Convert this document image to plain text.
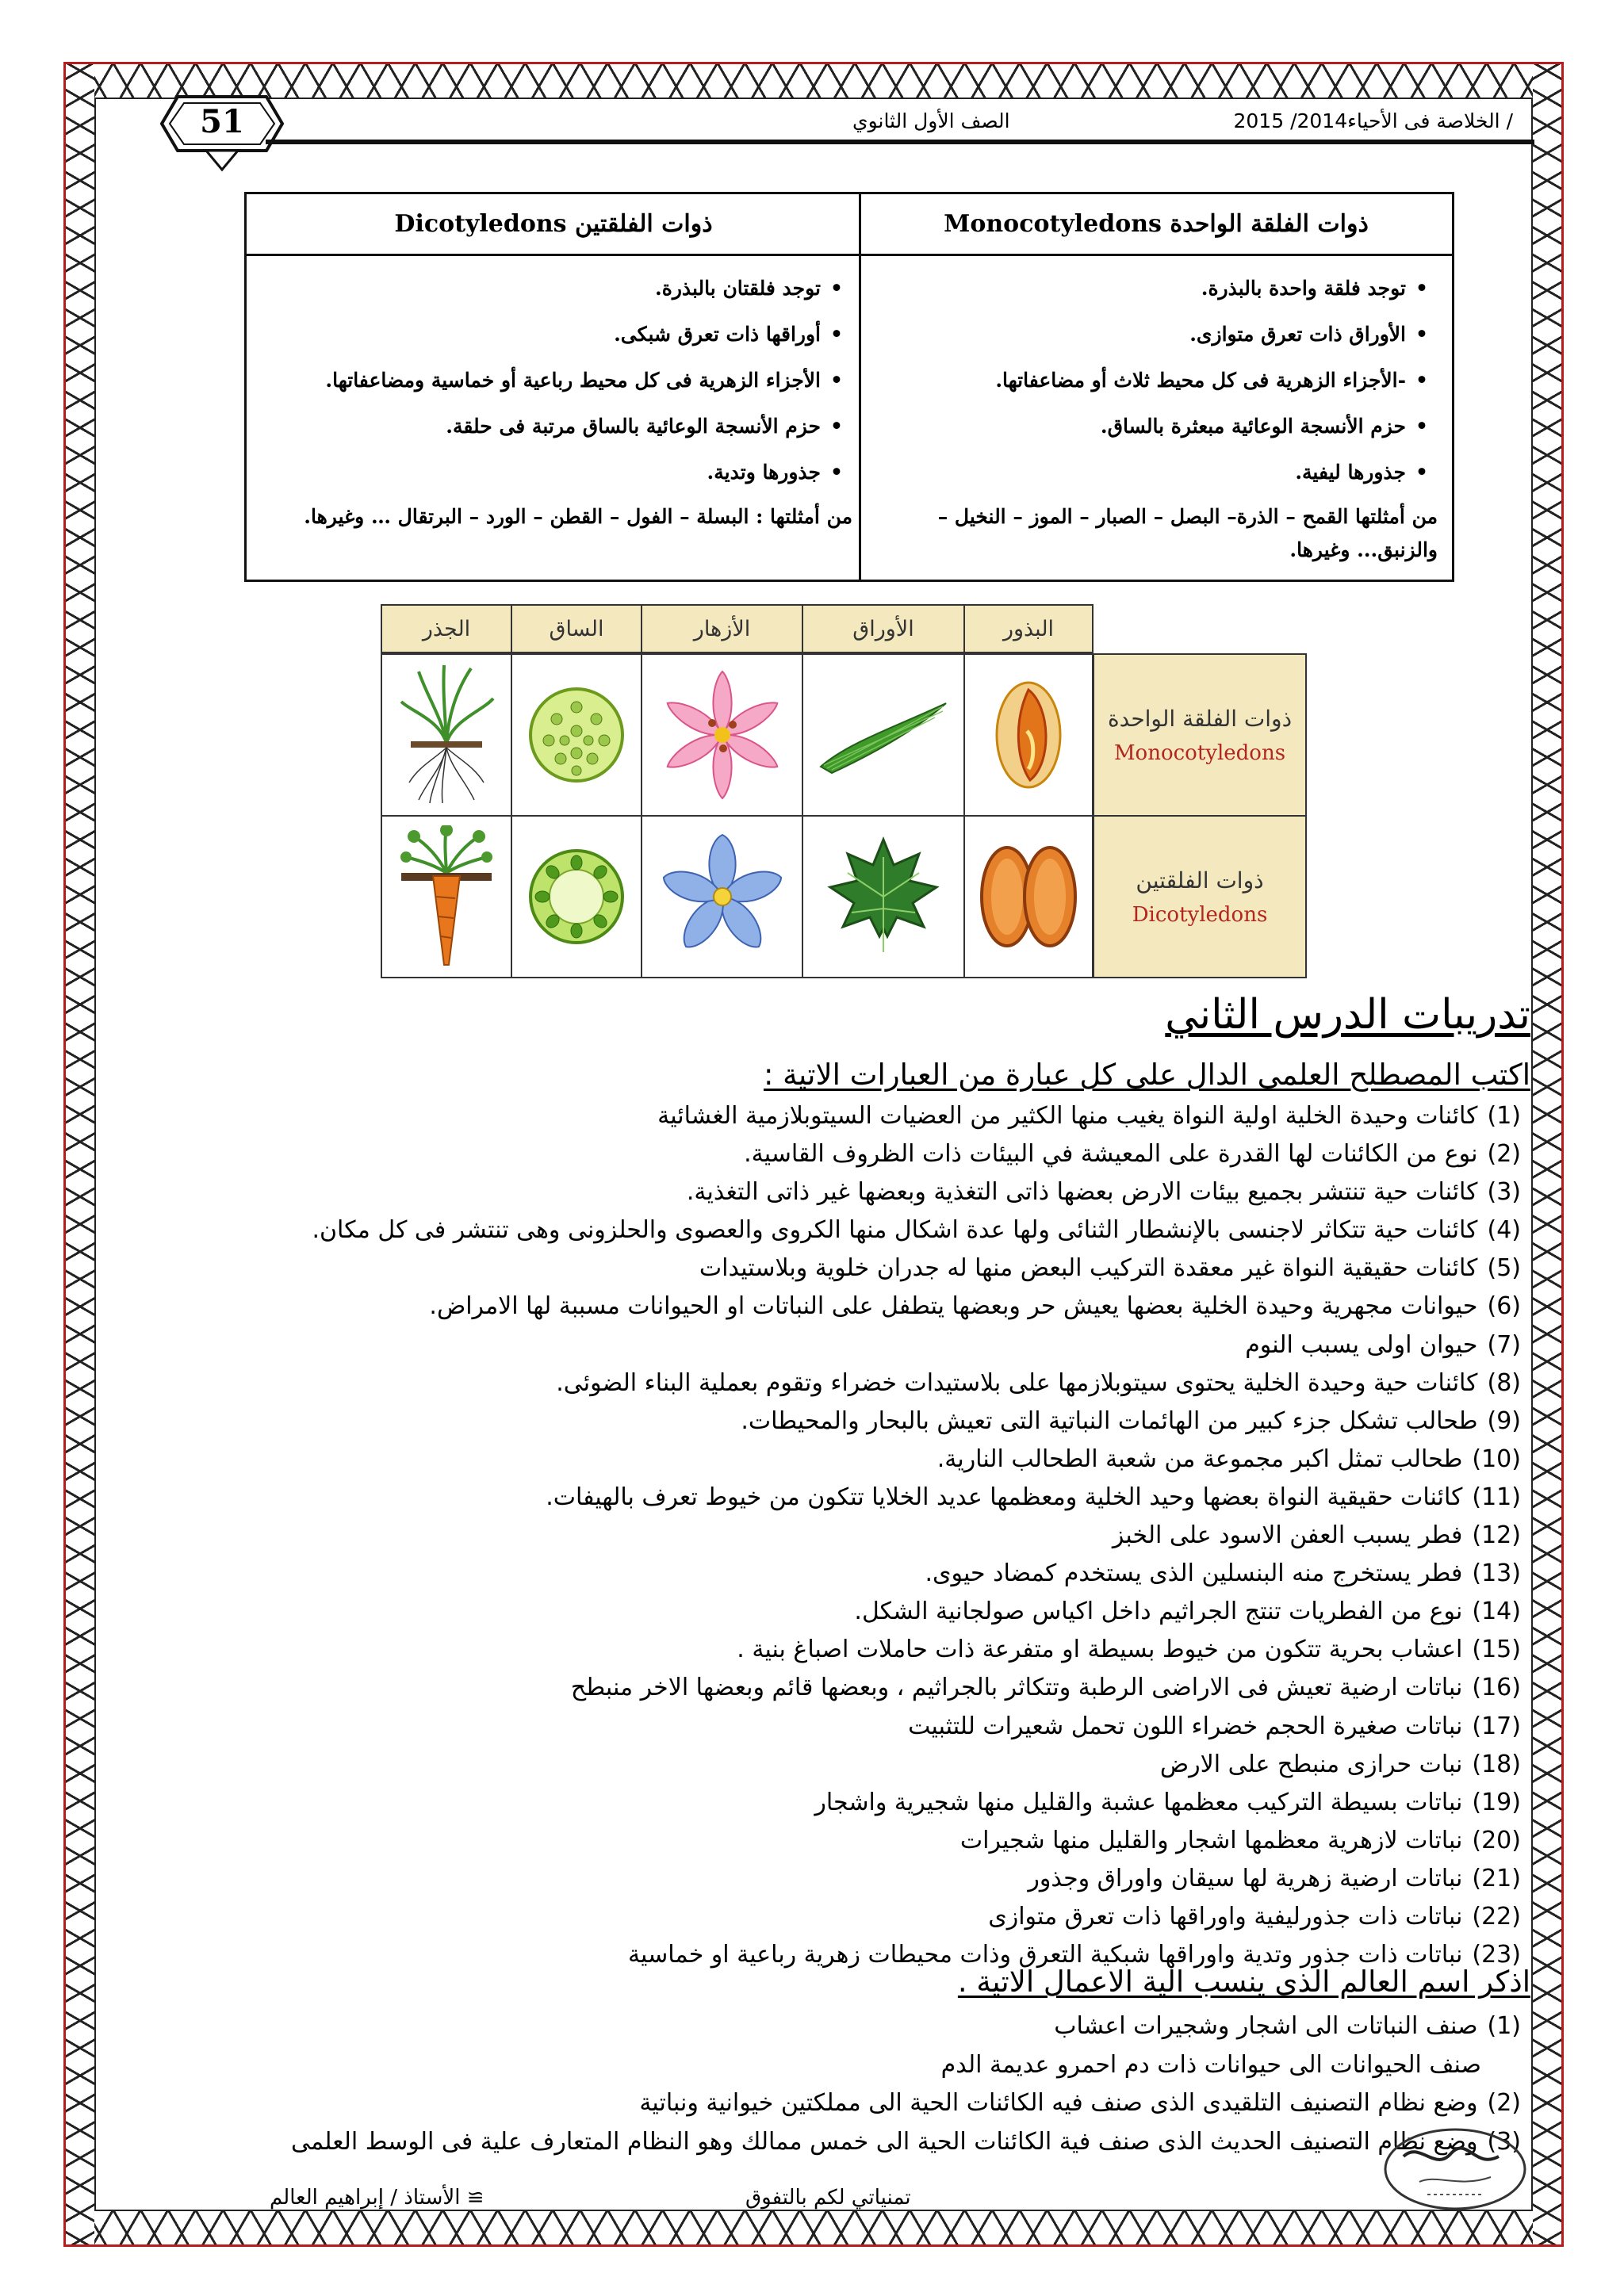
51	/ الخلاصة فى الأحياء2014/ 2015
الصف الأول الثانوي
ذوات الفلقة الواحدة Monocotyledons
ذوات الفلقتين Dicotyledons
• توجد فلقة واحدة بالبذرة.
• الأوراق ذات تعرق متوازى.
• -الأجزاء الزهرية فى كل محيط ثلاث أو مضاعفاتها.
• حزم الأنسجة الوعائية مبعثرة بالساق.
• جذورها ليفية.
من أمثلتها القمح – الذرة– البصل – الصبار – الموز – النخيل – والزنبق... وغيرها.
• توجد فلقتان بالبذرة.
• أوراقها ذات تعرق شبكى.
• الأجزاء الزهرية فى كل محيط رباعية أو خماسية ومضاعفاتها.
• حزم الأنسجة الوعائية بالساق مرتبة فى حلقة.
• جذورها وتدية.
من أمثلتها : البسلة – الفول – القطن – الورد – البرتقال … وغيرها.
البذور
الأوراق
الأزهار
الساق
الجذر
ذوات الفلقة الواحدة
Monocotyledons
ذوات الفلقتين
Dicotyledons
تدريبات الدرس الثاني
اكتب المصطلح العلمى الدال على كل عبارة من العبارات الاتية :
(1)كائنات وحيدة الخلية اولية النواة يغيب منها الكثير من العضيات السيتوبلازمية الغشائية
(2)نوع من الكائنات لها القدرة على المعيشة في البيئات ذات الظروف القاسية.
(3)كائنات حية تنتشر بجميع بيئات الارض بعضها ذاتى التغذية وبعضها غير ذاتى التغذية.
(4)كائنات حية تتكاثر لاجنسى بالإنشطار الثنائى ولها عدة اشكال منها الكروى والعصوى والحلزونى وهى تنتشر فى كل مكان.
(5)كائنات حقيقية النواة غير معقدة التركيب البعض منها له جدران خلوية وبلاستيدات
(6)حيوانات مجهرية وحيدة الخلية بعضها يعيش حر وبعضها يتطفل على النباتات او الحيوانات مسببة لها الامراض.
(7)حيوان اولى يسبب النوم
(8)كائنات حية وحيدة الخلية يحتوى سيتوبلازمها على بلاستيدات خضراء وتقوم بعملية البناء الضوئى.
(9)طحالب تشكل جزء كبير من الهائمات النباتية التى تعيش بالبحار والمحيطات.
(10)طحالب تمثل اكبر مجموعة من شعبة الطحالب النارية.
(11)كائنات حقيقية النواة بعضها وحيد الخلية ومعظمها عديد الخلايا تتكون من خيوط تعرف بالهيفات.
(12)فطر يسبب العفن الاسود على الخبز
(13)فطر يستخرج منه البنسلين الذى يستخدم كمضاد حيوى.
(14)نوع من الفطريات تنتج الجراثيم داخل اكياس صولجانية الشكل.
(15)اعشاب بحرية تتكون من خيوط بسيطة او متفرعة ذات حاملات اصباغ بنية .
(16)نباتات ارضية تعيش فى الاراضى الرطبة وتتكاثر بالجراثيم ، وبعضها قائم وبعضها الاخر منبطح
(17)نباتات صغيرة الحجم خضراء اللون تحمل شعيرات للتثبيت
(18)نبات حرازى منبطح على الارض
(19)نباتات بسيطة التركيب معظمها عشبة والقليل منها شجيرية واشجار
(20)نباتات لازهرية معظمها اشجار والقليل منها شجيرات
(21)نباتات ارضية زهرية لها سيقان واوراق وجذور
(22)نباتات ذات جذورليفية واوراقها ذات تعرق متوازى
(23)نباتات ذات جذور وتدية واوراقها شبكية التعرق وذات محيطات زهرية رباعية او خماسية
اذكر اسم العالم الذى ينسب الية الاعمال الاتية .
(1)صنف النباتات الى اشجار وشجيرات اعشاب
صنف الحيوانات الى حيوانات ذات دم احمرو عديمة الدم
(2)وضع نظام التصنيف التلقيدى الذى صنف فيه الكائنات الحية الى مملكتين خيوانية ونباتية
(3)وضع نظام التصنيف الحديث الذى صنف فية الكائنات الحية الى خمس ممالك وهو النظام المتعارف علية فى الوسط العلمى
تمنياتي لكم بالتفوق
≅ الأستاذ / إبراهيم العالم
